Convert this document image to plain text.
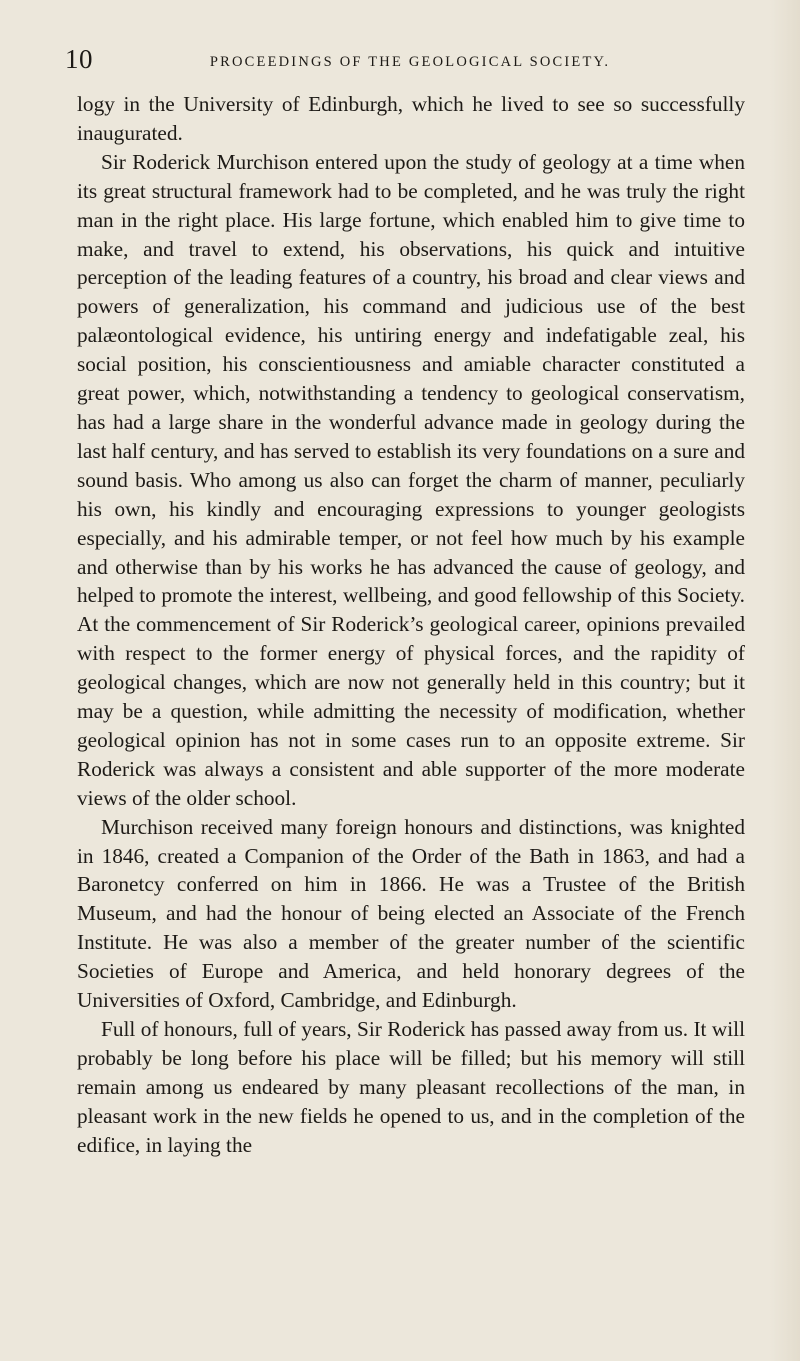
10	PROCEEDINGS OF THE GEOLOGICAL SOCIETY.

logy in the University of Edinburgh, which he lived to see so successfully inaugurated.

Sir Roderick Murchison entered upon the study of geology at a time when its great structural framework had to be completed, and he was truly the right man in the right place. His large fortune, which enabled him to give time to make, and travel to extend, his observations, his quick and intuitive perception of the leading features of a country, his broad and clear views and powers of generalization, his command and judicious use of the best palæontological evidence, his untiring energy and indefatigable zeal, his social position, his conscientiousness and amiable character constituted a great power, which, notwithstanding a tendency to geological conservatism, has had a large share in the wonderful advance made in geology during the last half century, and has served to establish its very foundations on a sure and sound basis. Who among us also can forget the charm of manner, peculiarly his own, his kindly and encouraging expressions to younger geologists especially, and his admirable temper, or not feel how much by his example and otherwise than by his works he has advanced the cause of geology, and helped to promote the interest, wellbeing, and good fellowship of this Society. At the commencement of Sir Roderick’s geological career, opinions prevailed with respect to the former energy of physical forces, and the rapidity of geological changes, which are now not generally held in this country; but it may be a question, while admitting the necessity of modification, whether geological opinion has not in some cases run to an opposite extreme. Sir Roderick was always a consistent and able supporter of the more moderate views of the older school.

Murchison received many foreign honours and distinctions, was knighted in 1846, created a Companion of the Order of the Bath in 1863, and had a Baronetcy conferred on him in 1866. He was a Trustee of the British Museum, and had the honour of being elected an Associate of the French Institute. He was also a member of the greater number of the scientific Societies of Europe and America, and held honorary degrees of the Universities of Oxford, Cambridge, and Edinburgh.

Full of honours, full of years, Sir Roderick has passed away from us. It will probably be long before his place will be filled; but his memory will still remain among us endeared by many pleasant recollections of the man, in pleasant work in the new fields he opened to us, and in the completion of the edifice, in laying the
